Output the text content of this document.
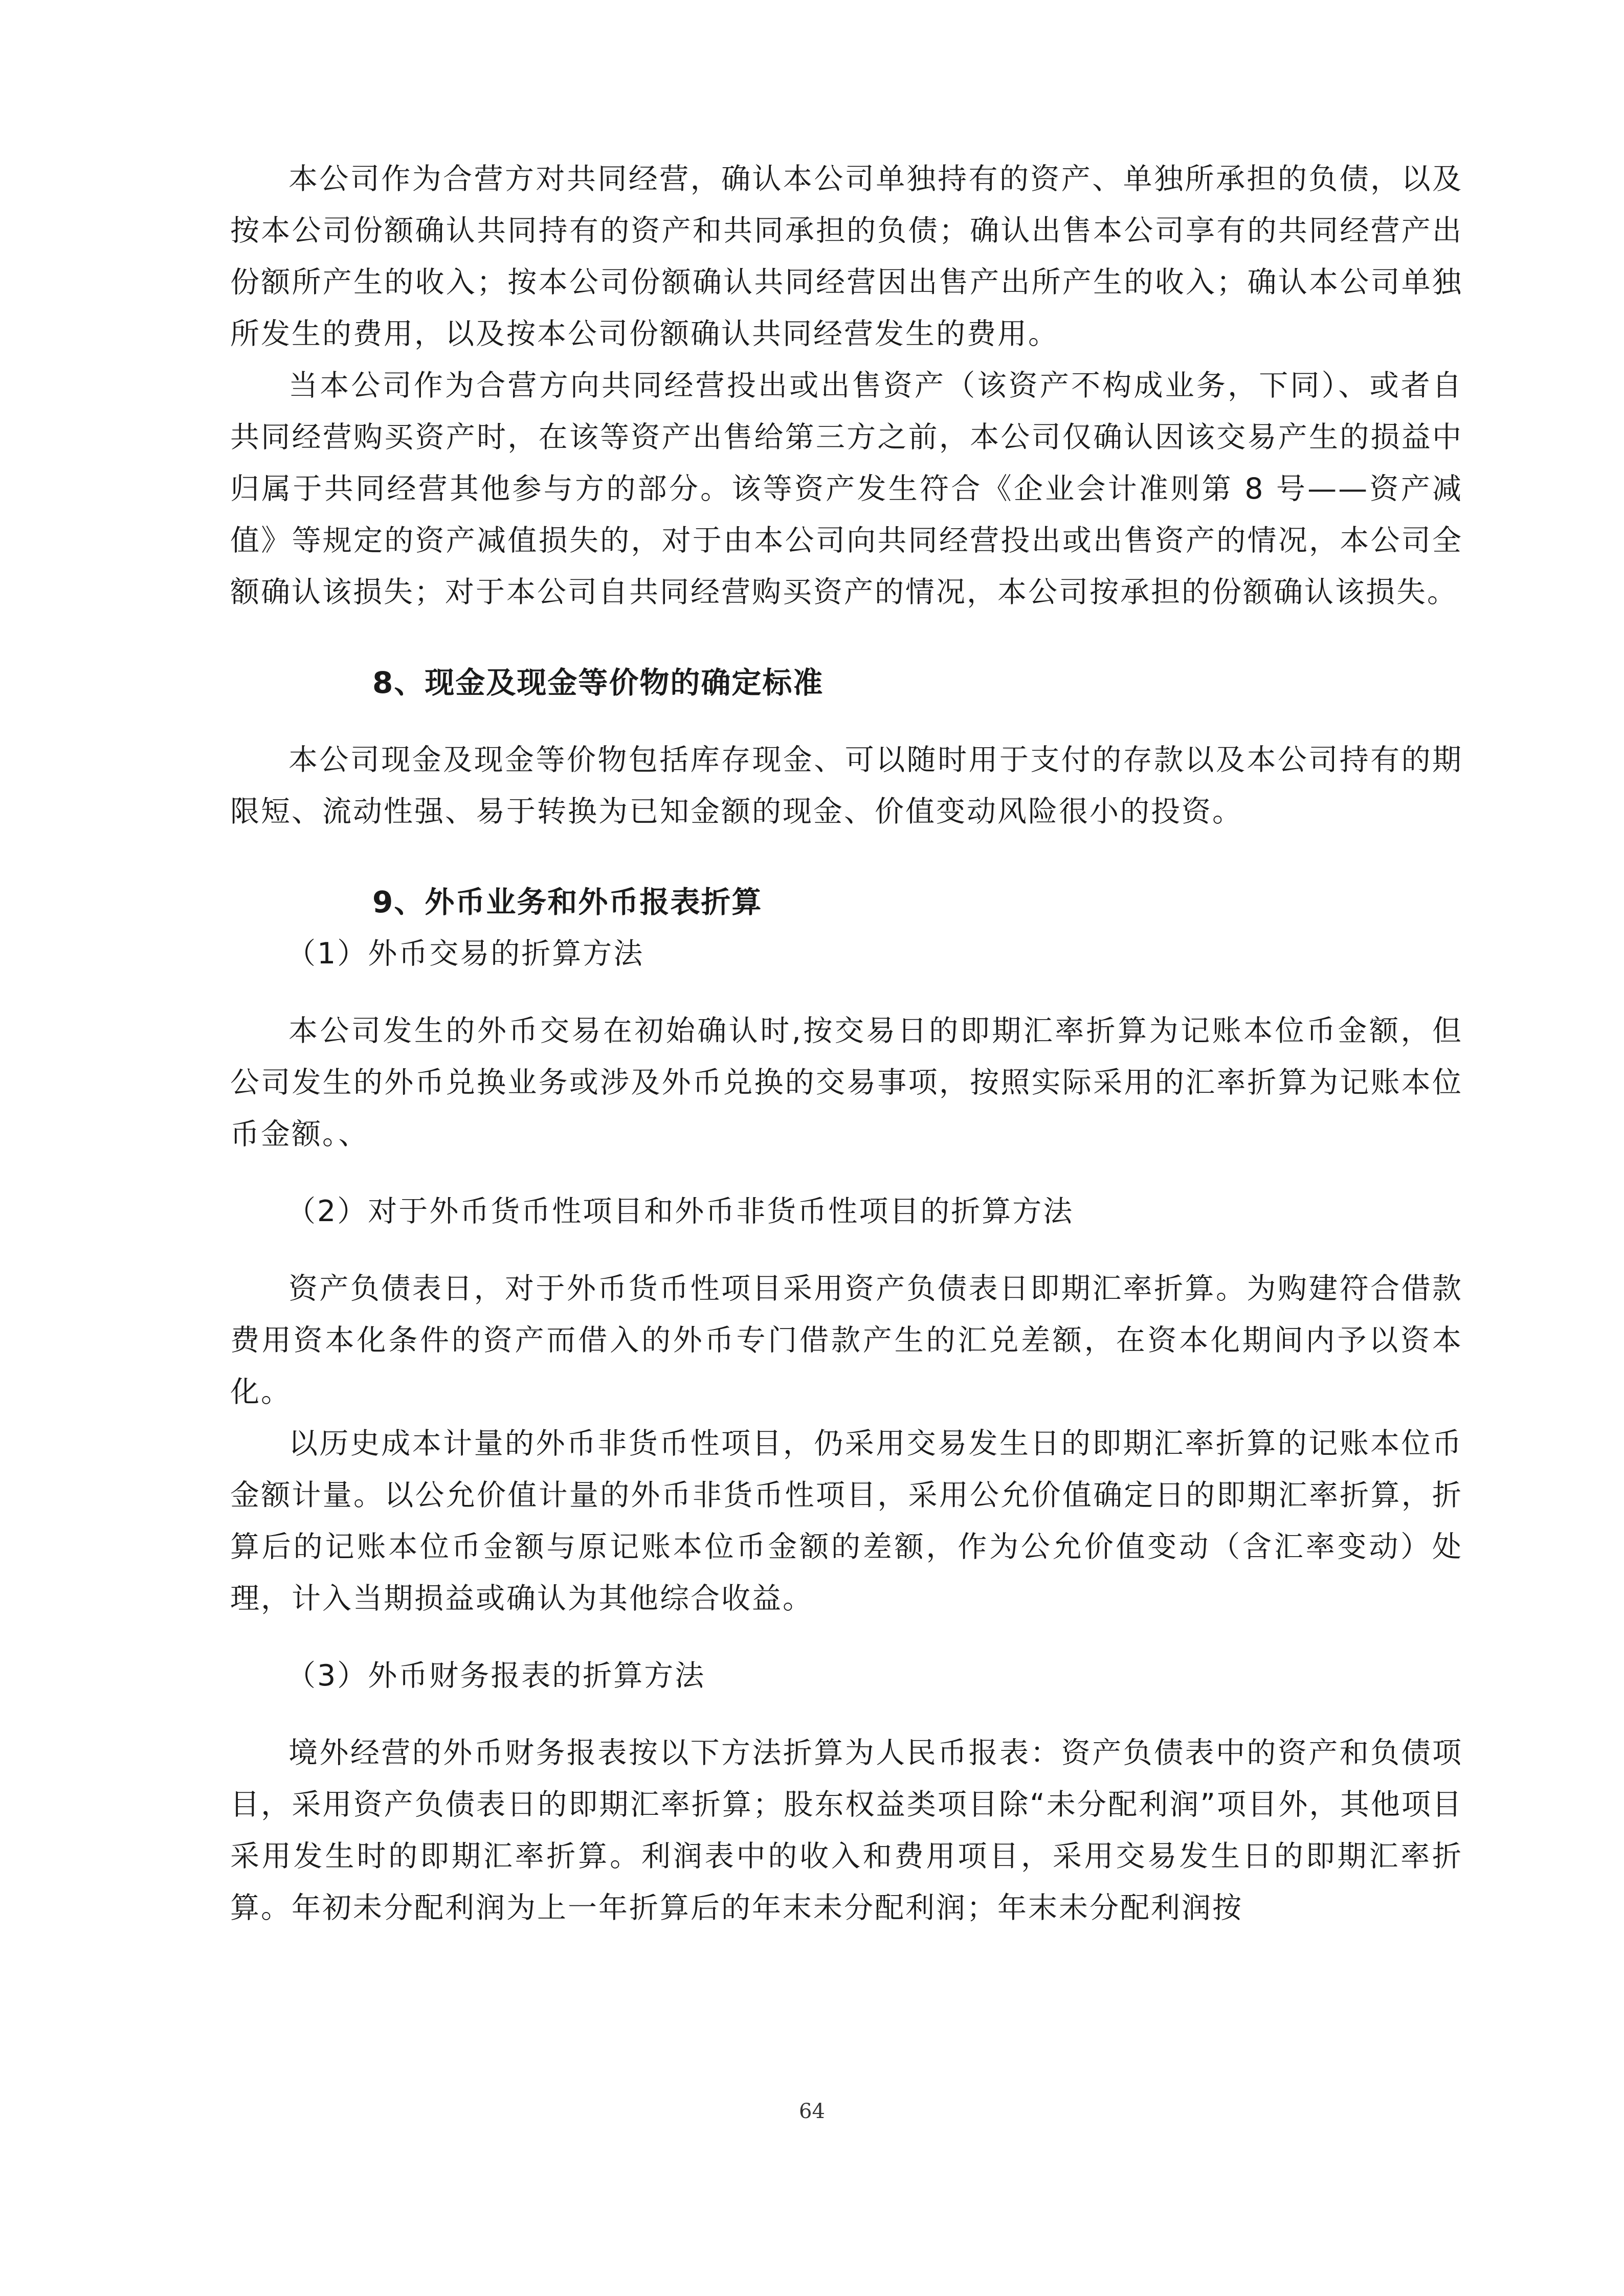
本公司作为合营方对共同经营，确认本公司单独持有的资产、单独所承担的负债，以及按本公司份额确认共同持有的资产和共同承担的负债；确认出售本公司享有的共同经营产出份额所产生的收入；按本公司份额确认共同经营因出售产出所产生的收入；确认本公司单独所发生的费用，以及按本公司份额确认共同经营发生的费用。

当本公司作为合营方向共同经营投出或出售资产（该资产不构成业务，下同）、或者自共同经营购买资产时，在该等资产出售给第三方之前，本公司仅确认因该交易产生的损益中归属于共同经营其他参与方的部分。该等资产发生符合《企业会计准则第 8 号——资产减值》等规定的资产减值损失的，对于由本公司向共同经营投出或出售资产的情况，本公司全额确认该损失；对于本公司自共同经营购买资产的情况，本公司按承担的份额确认该损失。

8、现金及现金等价物的确定标准

本公司现金及现金等价物包括库存现金、可以随时用于支付的存款以及本公司持有的期限短、流动性强、易于转换为已知金额的现金、价值变动风险很小的投资。

9、外币业务和外币报表折算

（1）外币交易的折算方法

本公司发生的外币交易在初始确认时,按交易日的即期汇率折算为记账本位币金额，但公司发生的外币兑换业务或涉及外币兑换的交易事项，按照实际采用的汇率折算为记账本位币金额。、

（2）对于外币货币性项目和外币非货币性项目的折算方法

资产负债表日，对于外币货币性项目采用资产负债表日即期汇率折算。为购建符合借款费用资本化条件的资产而借入的外币专门借款产生的汇兑差额，在资本化期间内予以资本化。

以历史成本计量的外币非货币性项目，仍采用交易发生日的即期汇率折算的记账本位币金额计量。以公允价值计量的外币非货币性项目，采用公允价值确定日的即期汇率折算，折算后的记账本位币金额与原记账本位币金额的差额，作为公允价值变动（含汇率变动）处理，计入当期损益或确认为其他综合收益。

（3）外币财务报表的折算方法

境外经营的外币财务报表按以下方法折算为人民币报表：资产负债表中的资产和负债项目，采用资产负债表日的即期汇率折算；股东权益类项目除“未分配利润”项目外，其他项目采用发生时的即期汇率折算。利润表中的收入和费用项目，采用交易发生日的即期汇率折算。年初未分配利润为上一年折算后的年末未分配利润；年末未分配利润按

64
